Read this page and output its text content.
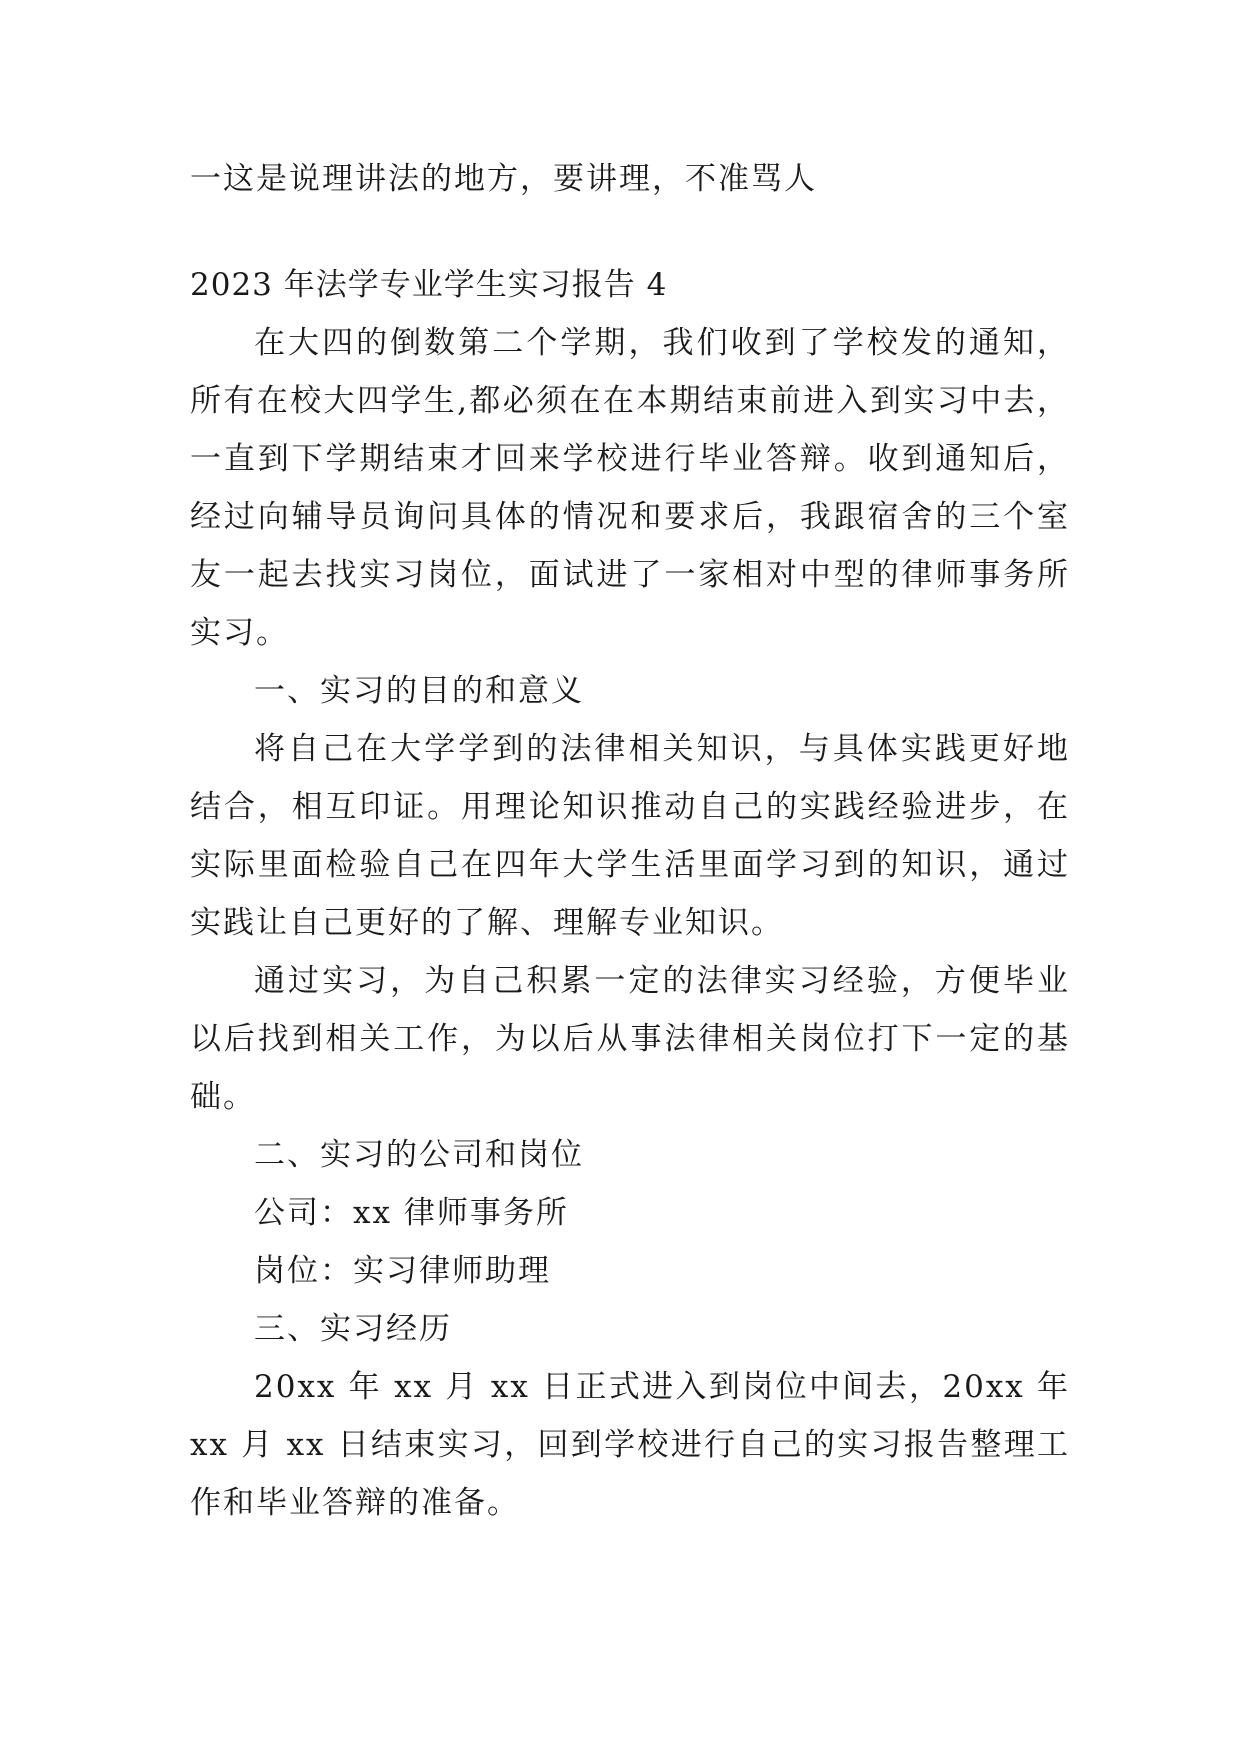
一这是说理讲法的地方，要讲理，不准骂人
2023 年法学专业学生实习报告 4

在大四的倒数第二个学期，我们收到了学校发的通知，所有在校大四学生,都必须在在本期结束前进入到实习中去，一直到下学期结束才回来学校进行毕业答辩。收到通知后，经过向辅导员询问具体的情况和要求后，我跟宿舍的三个室友一起去找实习岗位，面试进了一家相对中型的律师事务所实习。

一、实习的目的和意义

将自己在大学学到的法律相关知识，与具体实践更好地结合，相互印证。用理论知识推动自己的实践经验进步，在实际里面检验自己在四年大学生活里面学习到的知识，通过实践让自己更好的了解、理解专业知识。

通过实习，为自己积累一定的法律实习经验，方便毕业以后找到相关工作，为以后从事法律相关岗位打下一定的基础。

二、实习的公司和岗位
公司：xx 律师事务所
岗位：实习律师助理
三、实习经历

20xx 年 xx 月 xx 日正式进入到岗位中间去，20xx 年 xx 月 xx 日结束实习，回到学校进行自己的实习报告整理工作和毕业答辩的准备。
